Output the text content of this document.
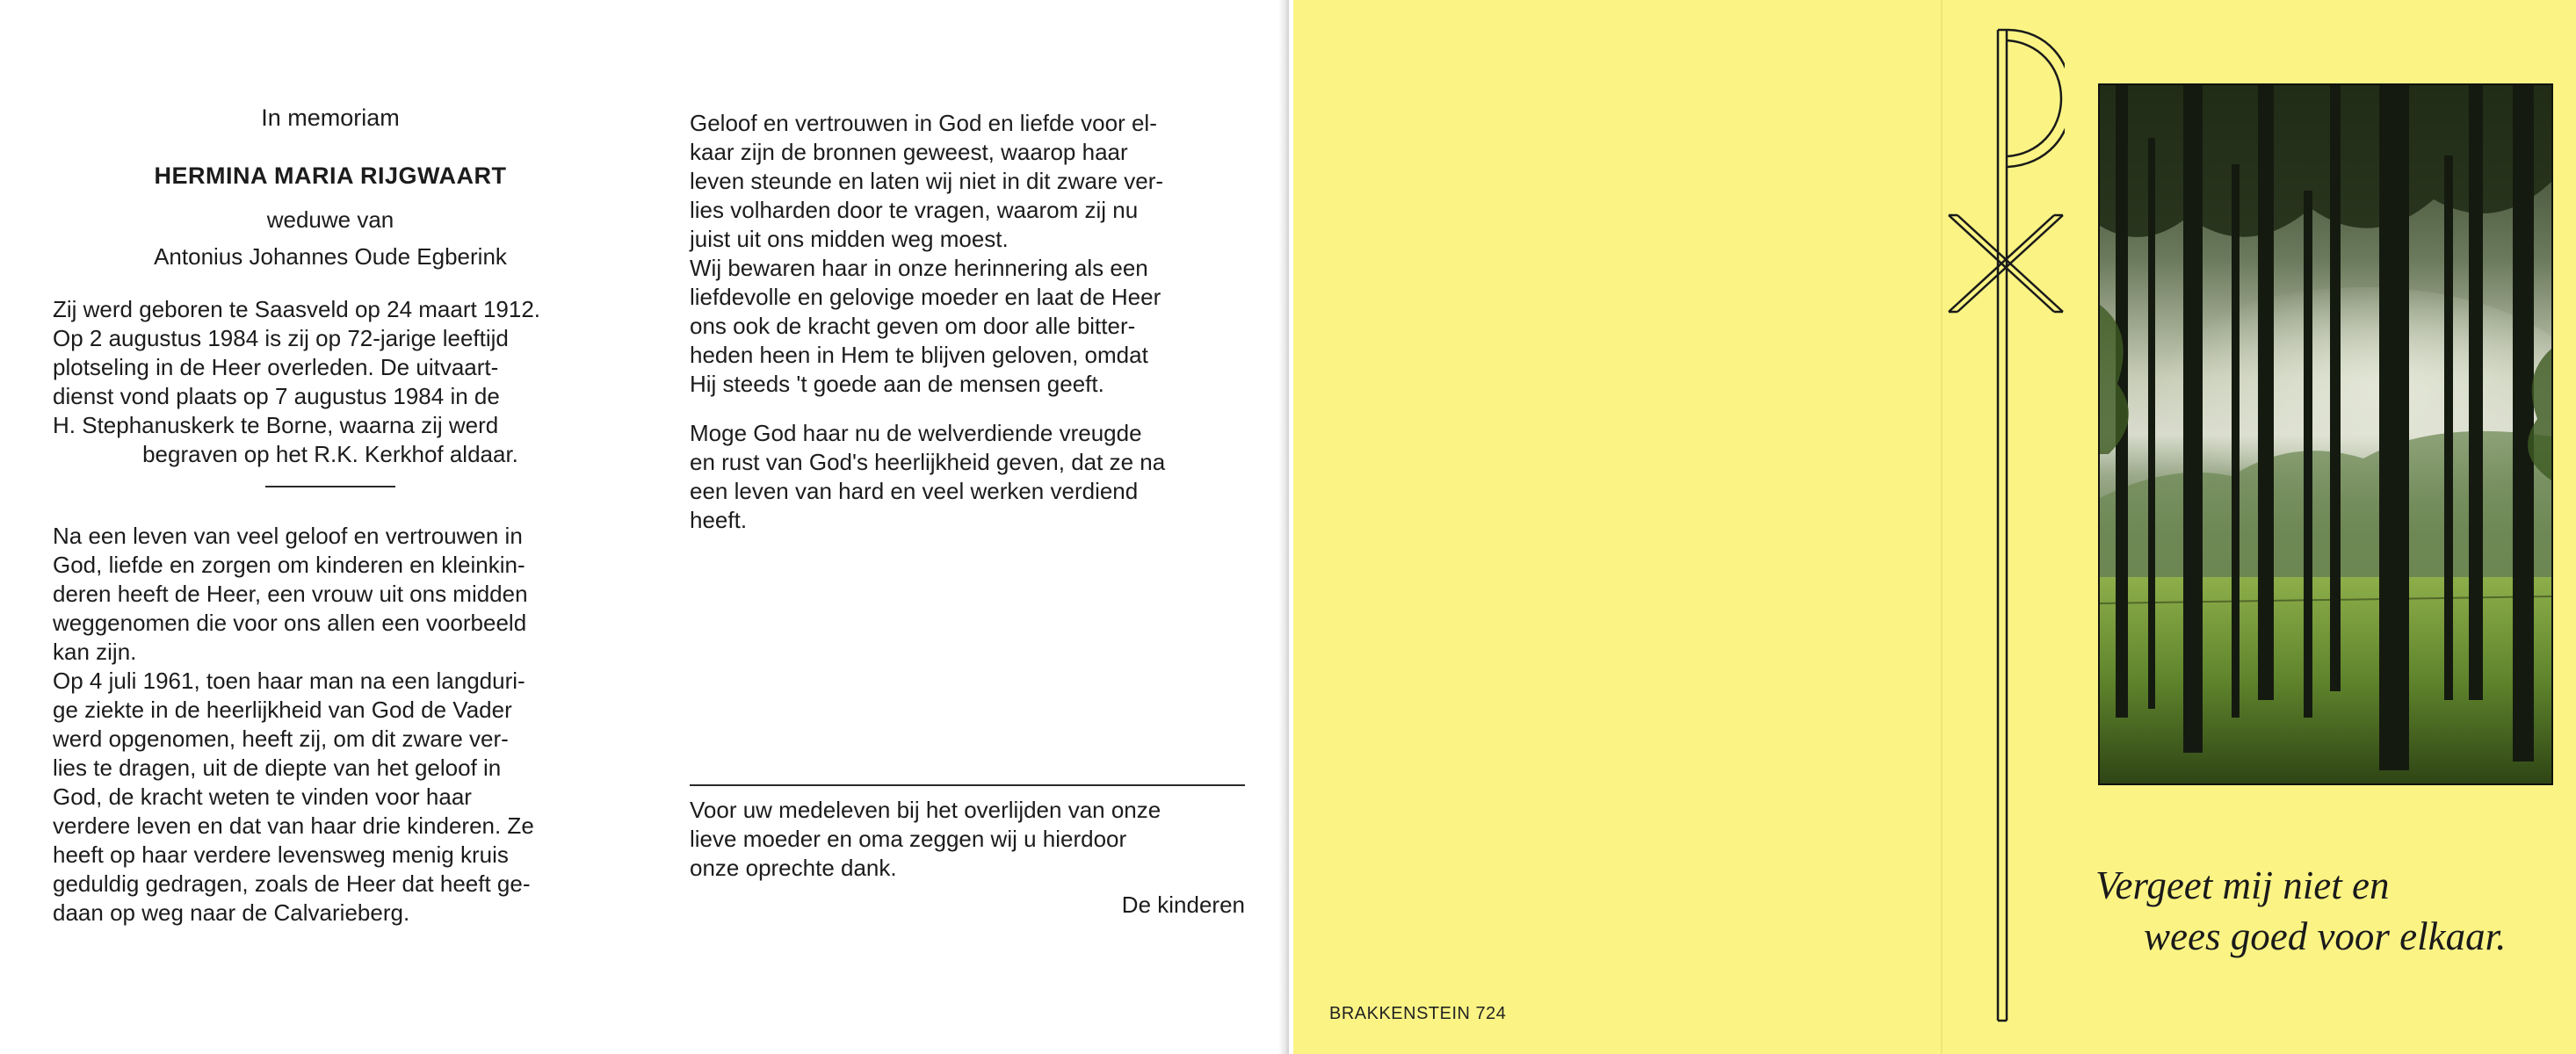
In memoriam
HERMINA MARIA RIJGWAART
weduwe van
Antonius Johannes Oude Egberink

Zij werd geboren te Saasveld op 24 maart 1912.

Op 2 augustus 1984 is zij op 72-jarige leeftijd

plotseling in de Heer overleden. De uitvaart-

dienst vond plaats op 7 augustus 1984 in de

H. Stephanuskerk te Borne, waarna zij werd

begraven op het R.K. Kerkhof aldaar.

Na een leven van veel geloof en vertrouwen in

God, liefde en zorgen om kinderen en kleinkin-

deren heeft de Heer, een vrouw uit ons midden

weggenomen die voor ons allen een voorbeeld

kan zijn.

Op 4 juli 1961, toen haar man na een langduri-

ge ziekte in de heerlijkheid van God de Vader

werd opgenomen, heeft zij, om dit zware ver-

lies te dragen, uit de diepte van het geloof in

God, de kracht weten te vinden voor haar

verdere leven en dat van haar drie kinderen. Ze

heeft op haar verdere levensweg menig kruis

geduldig gedragen, zoals de Heer dat heeft ge-

daan op weg naar de Calvarieberg.

Geloof en vertrouwen in God en liefde voor el-

kaar zijn de bronnen geweest, waarop haar

leven steunde en laten wij niet in dit zware ver-

lies volharden door te vragen, waarom zij nu

juist uit ons midden weg moest.

Wij bewaren haar in onze herinnering als een

liefdevolle en gelovige moeder en laat de Heer

ons ook de kracht geven om door alle bitter-

heden heen in Hem te blijven geloven, omdat

Hij steeds 't goede aan de mensen geeft.

Moge God haar nu de welverdiende vreugde

en rust van God's heerlijkheid geven, dat ze na

een leven van hard en veel werken verdiend

heeft.

Voor uw medeleven bij het overlijden van onze

lieve moeder en oma zeggen wij u hierdoor

onze oprechte dank.

De kinderen
BRAKKENSTEIN 724
Vergeet mij niet en
wees goed voor elkaar.
